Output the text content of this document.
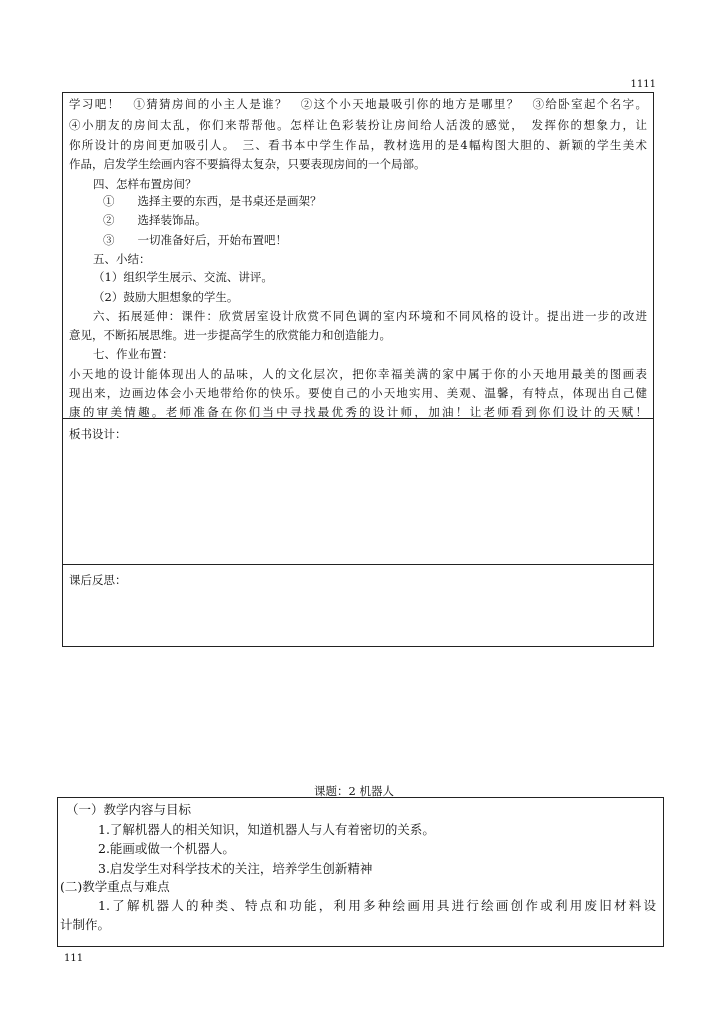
1111
学习吧！　①猜猜房间的小主人是谁？　②这个小天地最吸引你的地方是哪里？　③给卧室起个名字。
④小朋友的房间太乱，你们来帮帮他。怎样让色彩装扮让房间给人活泼的感觉，　发挥你的想象力，让
你所设计的房间更加吸引人。　三、看书本中学生作品，教材选用的是4幅构图大胆的、新颖的学生美术
作品，启发学生绘画内容不要搞得太复杂，只要表现房间的一个局部。
四、怎样布置房间？
①　　选择主要的东西，是书桌还是画架？
②　　选择装饰品。
③　　一切准备好后，开始布置吧！
五、小结：
（1）组织学生展示、交流、讲评。
（2）鼓励大胆想象的学生。
六、拓展延伸：课件：欣赏居室设计欣赏不同色调的室内环境和不同风格的设计。提出进一步的改进
意见，不断拓展思维。进一步提高学生的欣赏能力和创造能力。
七、作业布置：
小天地的设计能体现出人的品味，人的文化层次，把你幸福美满的家中属于你的小天地用最美的图画表
现出来，边画边体会小天地带给你的快乐。要使自己的小天地实用、美观、温馨，有特点，体现出自己健
康的审美情趣。老师准备在你们当中寻找最优秀的设计师，加油！让老师看到你们设计的天赋！
板书设计：
课后反思：
课题：2 机器人
（一）教学内容与目标
1.了解机器人的相关知识，知道机器人与人有着密切的关系。
2.能画或做一个机器人。
3.启发学生对科学技术的关注，培养学生创新精神
(二)教学重点与难点
1.了解机器人的种类、特点和功能，利用多种绘画用具进行绘画创作或利用废旧材料设
计制作。
111
